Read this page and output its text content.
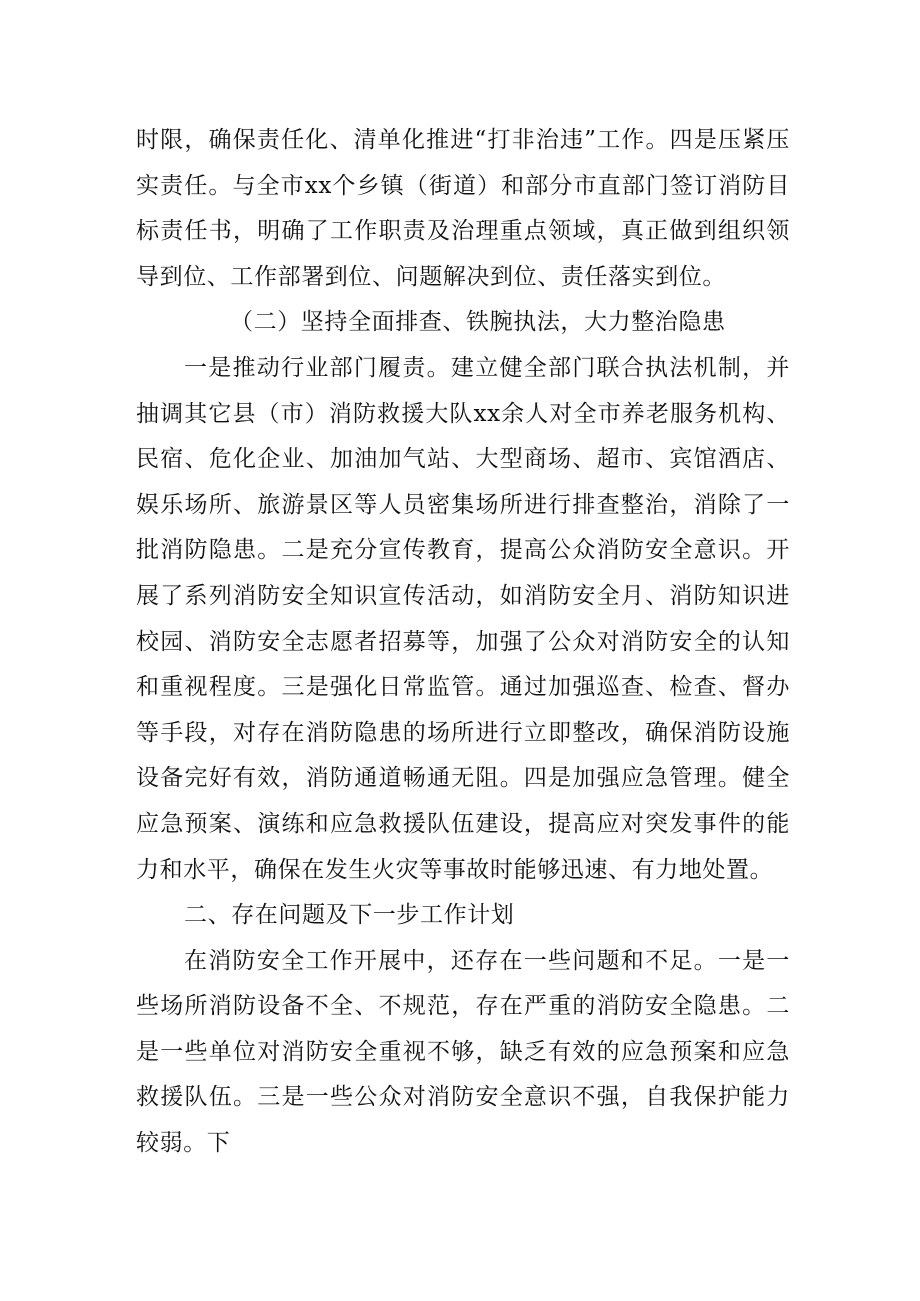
时限，确保责任化、清单化推进“打非治违”工作。四是压紧压实责任。与全市xx个乡镇（街道）和部分市直部门签订消防目标责任书，明确了工作职责及治理重点领域，真正做到组织领导到位、工作部署到位、问题解决到位、责任落实到位。

（二）坚持全面排查、铁腕执法，大力整治隐患

一是推动行业部门履责。建立健全部门联合执法机制，并抽调其它县（市）消防救援大队xx余人对全市养老服务机构、民宿、危化企业、加油加气站、大型商场、超市、宾馆酒店、娱乐场所、旅游景区等人员密集场所进行排查整治，消除了一批消防隐患。二是充分宣传教育，提高公众消防安全意识。开展了系列消防安全知识宣传活动，如消防安全月、消防知识进校园、消防安全志愿者招募等，加强了公众对消防安全的认知和重视程度。三是强化日常监管。通过加强巡查、检查、督办等手段，对存在消防隐患的场所进行立即整改，确保消防设施设备完好有效，消防通道畅通无阻。四是加强应急管理。健全应急预案、演练和应急救援队伍建设，提高应对突发事件的能力和水平，确保在发生火灾等事故时能够迅速、有力地处置。

二、存在问题及下一步工作计划

在消防安全工作开展中，还存在一些问题和不足。一是一些场所消防设备不全、不规范，存在严重的消防安全隐患。二是一些单位对消防安全重视不够，缺乏有效的应急预案和应急救援队伍。三是一些公众对消防安全意识不强，自我保护能力较弱。下
